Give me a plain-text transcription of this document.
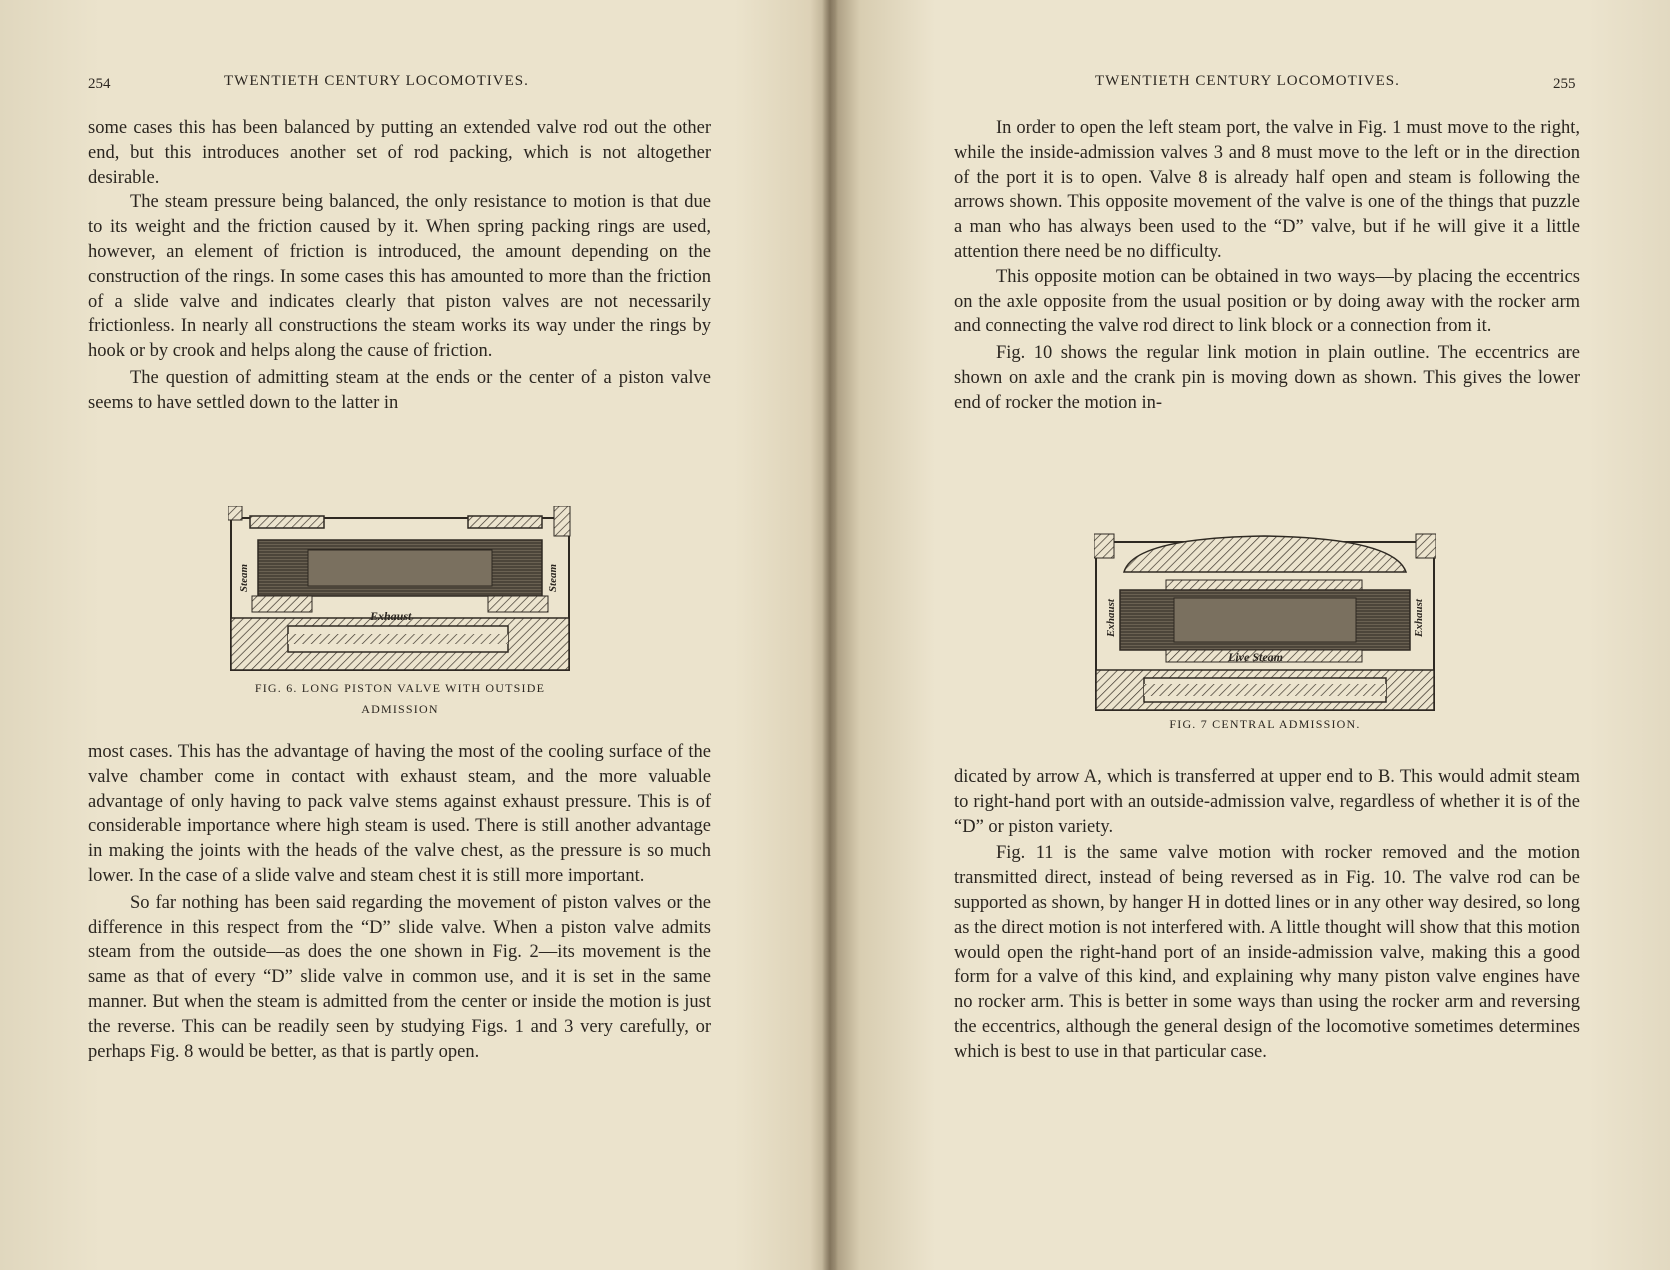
254	TWENTIETH CENTURY LOCOMOTIVES.

some cases this has been balanced by putting an extended valve rod out the other end, but this introduces another set of rod packing, which is not altogether desirable.

The steam pressure being balanced, the only resistance to motion is that due to its weight and the friction caused by it. When spring packing rings are used, however, an element of friction is introduced, the amount depending on the construction of the rings. In some cases this has amounted to more than the friction of a slide valve and indicates clearly that piston valves are not necessarily frictionless. In nearly all constructions the steam works its way under the rings by hook or by crook and helps along the cause of friction.

The question of admitting steam at the ends or the center of a piston valve seems to have settled down to the latter in

Steam	Steam
Exhaust
FIG. 6. LONG PISTON VALVE WITH OUTSIDE
ADMISSION

most cases. This has the advantage of having the most of the cooling surface of the valve chamber come in contact with exhaust steam, and the more valuable advantage of only having to pack valve stems against exhaust pressure. This is of considerable importance where high steam is used. There is still another advantage in making the joints with the heads of the valve chest, as the pressure is so much lower. In the case of a slide valve and steam chest it is still more important.

So far nothing has been said regarding the movement of piston valves or the difference in this respect from the “D” slide valve. When a piston valve admits steam from the outside—as does the one shown in Fig. 2—its movement is the same as that of every “D” slide valve in common use, and it is set in the same manner. But when the steam is admitted from the center or inside the motion is just the reverse. This can be readily seen by studying Figs. 1 and 3 very carefully, or perhaps Fig. 8 would be better, as that is partly open.

TWENTIETH CENTURY LOCOMOTIVES.	255

In order to open the left steam port, the valve in Fig. 1 must move to the right, while the inside-admission valves 3 and 8 must move to the left or in the direction of the port it is to open. Valve 8 is already half open and steam is following the arrows shown. This opposite movement of the valve is one of the things that puzzle a man who has always been used to the “D” valve, but if he will give it a little attention there need be no difficulty.

This opposite motion can be obtained in two ways—by placing the eccentrics on the axle opposite from the usual position or by doing away with the rocker arm and connecting the valve rod direct to link block or a connection from it.

Fig. 10 shows the regular link motion in plain outline. The eccentrics are shown on axle and the crank pin is moving down as shown. This gives the lower end of rocker the motion in-

Exhaust	Exhaust
Live Steam
FIG. 7 CENTRAL ADMISSION.

dicated by arrow A, which is transferred at upper end to B. This would admit steam to right-hand port with an outside-admission valve, regardless of whether it is of the “D” or piston variety.

Fig. 11 is the same valve motion with rocker removed and the motion transmitted direct, instead of being reversed as in Fig. 10. The valve rod can be supported as shown, by hanger H in dotted lines or in any other way desired, so long as the direct motion is not interfered with. A little thought will show that this motion would open the right-hand port of an inside-admission valve, making this a good form for a valve of this kind, and explaining why many piston valve engines have no rocker arm. This is better in some ways than using the rocker arm and reversing the eccentrics, although the general design of the locomotive sometimes determines which is best to use in that particular case.
